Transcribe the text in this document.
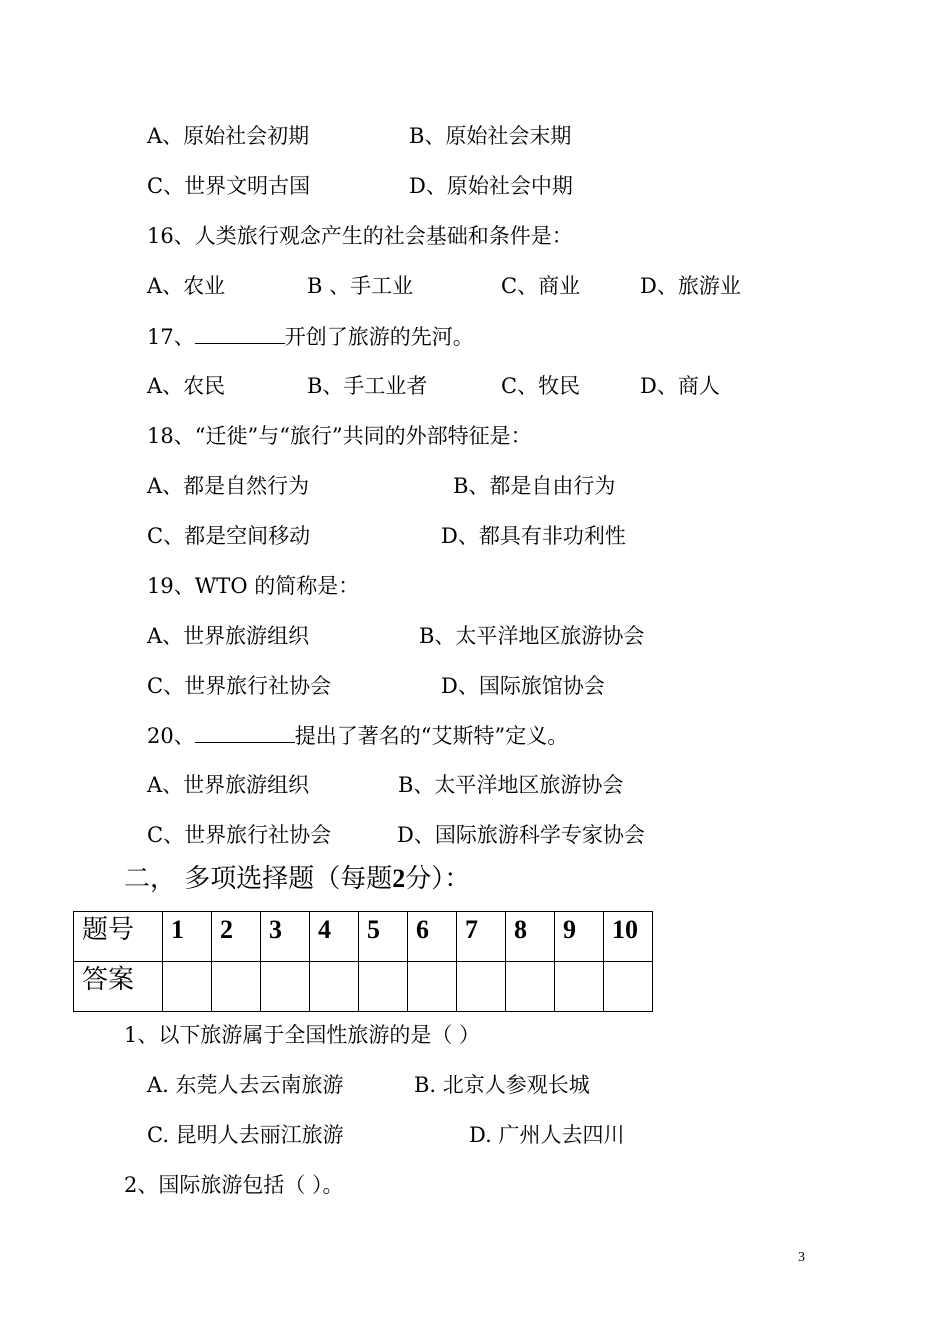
A、原始社会初期	B、原始社会末期
C、世界文明古国	D、原始社会中期
16、人类旅行观念产生的社会基础和条件是：
A、农业	B 、手工业	C、商业	D、旅游业
17、	开创了旅游的先河。
A、农民	B、手工业者	C、牧民	D、商人
18、“迁徙”与“旅行”共同的外部特征是：
A、都是自然行为	B、都是自由行为
C、都是空间移动	D、都具有非功利性
19、WTO 的简称是：
A、世界旅游组织	B、太平洋地区旅游协会
C、世界旅行社协会	D、国际旅馆协会
20、	提出了著名的“艾斯特”定义。
A、世界旅游组织	B、太平洋地区旅游协会
C、世界旅行社协会	D、国际旅游科学专家协会
二， 多项选择题（每题2分）：
题号	1	2	3	4	5	6	7	8	9	10
答案										
1、以下旅游属于全国性旅游的是（ ）
A. 东莞人去云南旅游	B. 北京人参观长城
C. 昆明人去丽江旅游	D. 广州人去四川
2、国际旅游包括（ ）。
3
